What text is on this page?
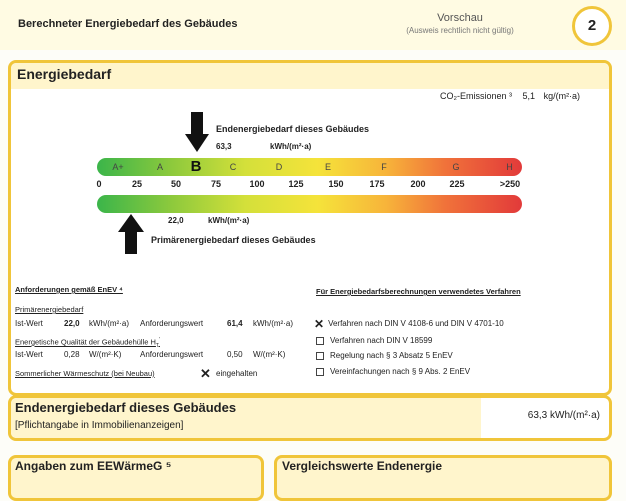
Berechneter Energiebedarf des Gebäudes	Vorschau
(Ausweis rechtlich nicht gültig)	2
Energiebedarf
CO₂-Emissionen ³ 5,1 kg/(m²·a)
Endenergiebedarf dieses Gebäudes
63,3	kWh/(m²·a)
A+	A	B	C	D	E	F	G	H
0	25	50	75	100	125	150	175	200	225	>250
22,0	kWh/(m²·a)
Primärenergiebedarf dieses Gebäudes
Anforderungen gemäß EnEV ⁴
Primärenergiebedarf
Ist-Wert	22,0 kWh/(m²·a) Anforderungswert	61,4 kWh/(m²·a)
Energetische Qualität der Gebäudehülle $H_T'$
Ist-Wert	0,28 W/(m²·K) Anforderungswert	0,50 W/(m²·K)
Sommerlicher Wärmeschutz (bei Neubau)	✕ eingehalten
Für Energiebedarfsberechnungen verwendetes Verfahren
✕ Verfahren nach DIN V 4108-6 und DIN V 4701-10
Verfahren nach DIN V 18599
Regelung nach § 3 Absatz 5 EnEV
Vereinfachungen nach § 9 Abs. 2 EnEV
Endenergiebedarf dieses Gebäudes
[Pflichtangabe in Immobilienanzeigen]
63,3 kWh/(m²·a)
Angaben zum EEWärmeG ⁵	Vergleichswerte Endenergie
